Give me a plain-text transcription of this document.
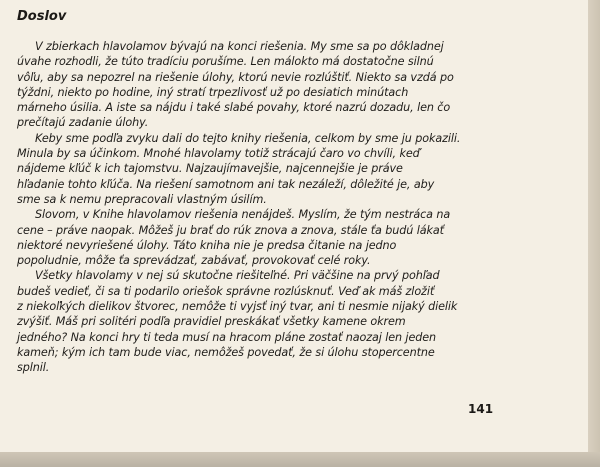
Doslov
V zbierkach hlavolamov bývajú na konci riešenia. My sme sa po dôkladnej
úvahe rozhodli, že túto tradíciu porušíme. Len málokto má dostatočne silnú
vôľu, aby sa nepozrel na riešenie úlohy, ktorú nevie rozlúštiť. Niekto sa vzdá po
týždni, niekto po hodine, iný stratí trpezlivosť už po desiatich minútach
márneho úsilia. A iste sa nájdu i také slabé povahy, ktoré nazrú dozadu, len čo
prečítajú zadanie úlohy.
Keby sme podľa zvyku dali do tejto knihy riešenia, celkom by sme ju pokazili.
Minula by sa účinkom. Mnohé hlavolamy totiž strácajú čaro vo chvíli, keď
nájdeme kľúč k ich tajomstvu. Najzaujímavejšie, najcennejšie je práve
hľadanie tohto kľúča. Na riešení samotnom ani tak nezáleží, dôležité je, aby
sme sa k nemu prepracovali vlastným úsilím.
Slovom, v Knihe hlavolamov riešenia nenájdeš. Myslím, že tým nestráca na
cene – práve naopak. Môžeš ju brať do rúk znova a znova, stále ťa budú lákať
niektoré nevyriešené úlohy. Táto kniha nie je predsa čitanie na jedno
popoludnie, môže ťa sprevádzať, zabávať, provokovať celé roky.
Všetky hlavolamy v nej sú skutočne riešiteľné. Pri väčšine na prvý pohľad
budeš vedieť, či sa ti podarilo oriešok správne rozlúsknuť. Veď ak máš zložiť
z niekoľkých dielikov štvorec, nemôže ti vyjsť iný tvar, ani ti nesmie nijaký dielik
zvýšiť. Máš pri solitéri podľa pravidiel preskákať všetky kamene okrem
jedného? Na konci hry ti teda musí na hracom pláne zostať naozaj len jeden
kameň; kým ich tam bude viac, nemôžeš povedať, že si úlohu stopercentne
splnil.
141
